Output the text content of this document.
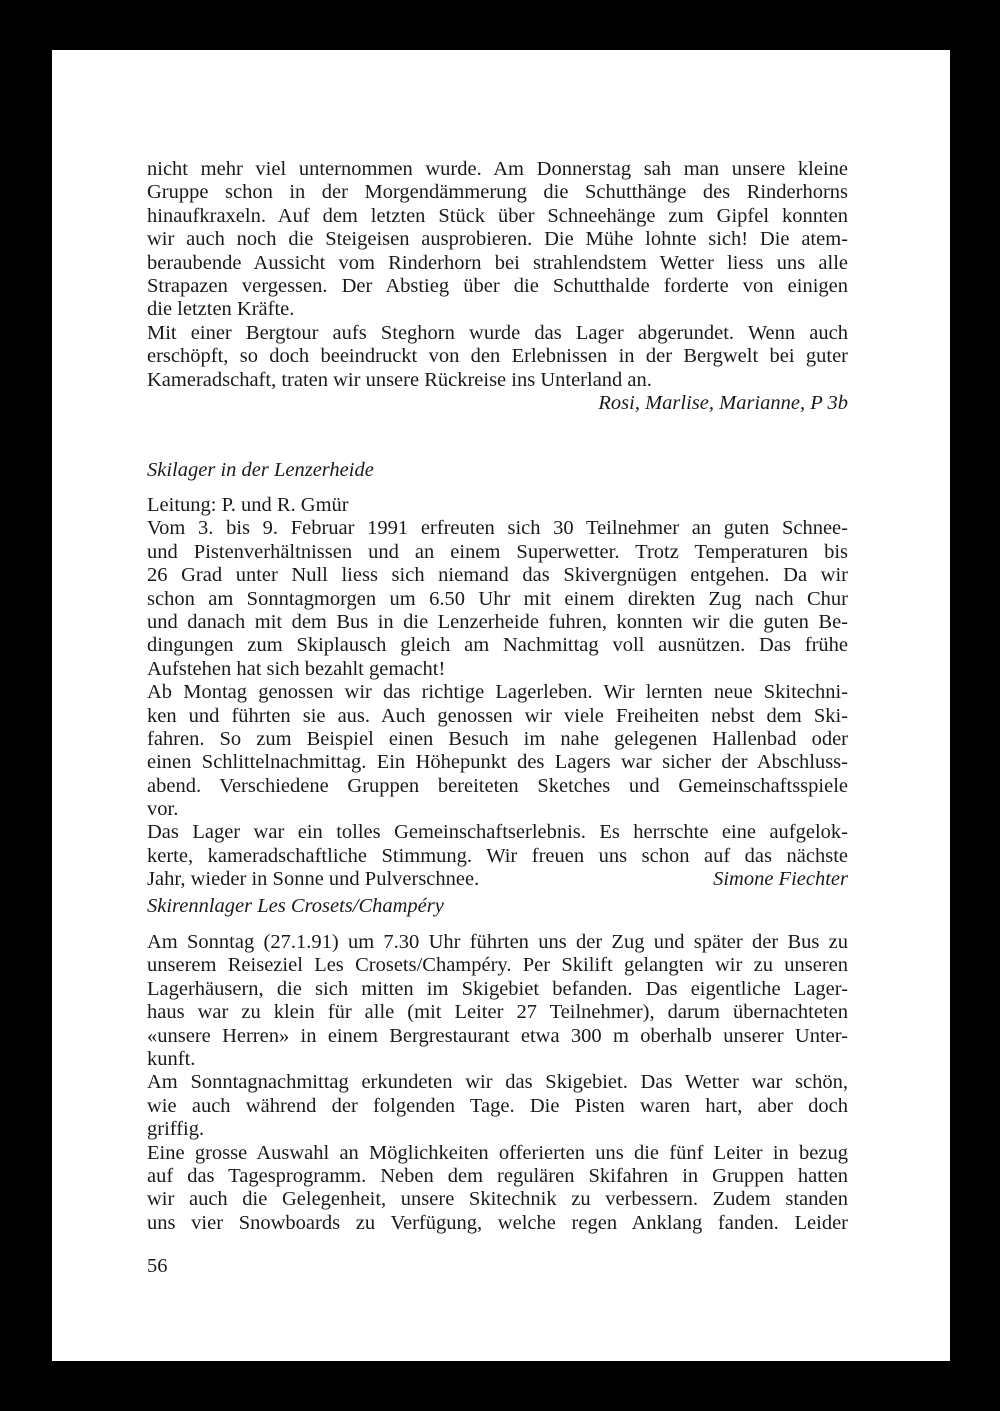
nicht mehr viel unternommen wurde. Am Donnerstag sah man unsere kleine
Gruppe schon in der Morgendämmerung die Schutthänge des Rinderhorns
hinaufkraxeln. Auf dem letzten Stück über Schneehänge zum Gipfel konnten
wir auch noch die Steigeisen ausprobieren. Die Mühe lohnte sich! Die atem-
beraubende Aussicht vom Rinderhorn bei strahlendstem Wetter liess uns alle
Strapazen vergessen. Der Abstieg über die Schutthalde forderte von einigen
die letzten Kräfte.
Mit einer Bergtour aufs Steghorn wurde das Lager abgerundet. Wenn auch
erschöpft, so doch beeindruckt von den Erlebnissen in der Bergwelt bei guter
Kameradschaft, traten wir unsere Rückreise ins Unterland an.
Rosi, Marlise, Marianne, P 3b
Skilager in der Lenzerheide
Leitung: P. und R. Gmür
Vom 3. bis 9. Februar 1991 erfreuten sich 30 Teilnehmer an guten Schnee-
und Pistenverhältnissen und an einem Superwetter. Trotz Temperaturen bis
26 Grad unter Null liess sich niemand das Skivergnügen entgehen. Da wir
schon am Sonntagmorgen um 6.50 Uhr mit einem direkten Zug nach Chur
und danach mit dem Bus in die Lenzerheide fuhren, konnten wir die guten Be-
dingungen zum Skiplausch gleich am Nachmittag voll ausnützen. Das frühe
Aufstehen hat sich bezahlt gemacht!
Ab Montag genossen wir das richtige Lagerleben. Wir lernten neue Skitechni-
ken und führten sie aus. Auch genossen wir viele Freiheiten nebst dem Ski-
fahren. So zum Beispiel einen Besuch im nahe gelegenen Hallenbad oder
einen Schlittelnachmittag. Ein Höhepunkt des Lagers war sicher der Abschluss-
abend. Verschiedene Gruppen bereiteten Sketches und Gemeinschaftsspiele
vor.
Das Lager war ein tolles Gemeinschaftserlebnis. Es herrschte eine aufgelok-
kerte, kameradschaftliche Stimmung. Wir freuen uns schon auf das nächste
Jahr, wieder in Sonne und Pulverschnee.	Simone Fiechter
Skirennlager Les Crosets/Champéry
Am Sonntag (27.1.91) um 7.30 Uhr führten uns der Zug und später der Bus zu
unserem Reiseziel Les Crosets/Champéry. Per Skilift gelangten wir zu unseren
Lagerhäusern, die sich mitten im Skigebiet befanden. Das eigentliche Lager-
haus war zu klein für alle (mit Leiter 27 Teilnehmer), darum übernachteten
«unsere Herren» in einem Bergrestaurant etwa 300 m oberhalb unserer Unter-
kunft.
Am Sonntagnachmittag erkundeten wir das Skigebiet. Das Wetter war schön,
wie auch während der folgenden Tage. Die Pisten waren hart, aber doch
griffig.
Eine grosse Auswahl an Möglichkeiten offerierten uns die fünf Leiter in bezug
auf das Tagesprogramm. Neben dem regulären Skifahren in Gruppen hatten
wir auch die Gelegenheit, unsere Skitechnik zu verbessern. Zudem standen
uns vier Snowboards zu Verfügung, welche regen Anklang fanden. Leider
56
